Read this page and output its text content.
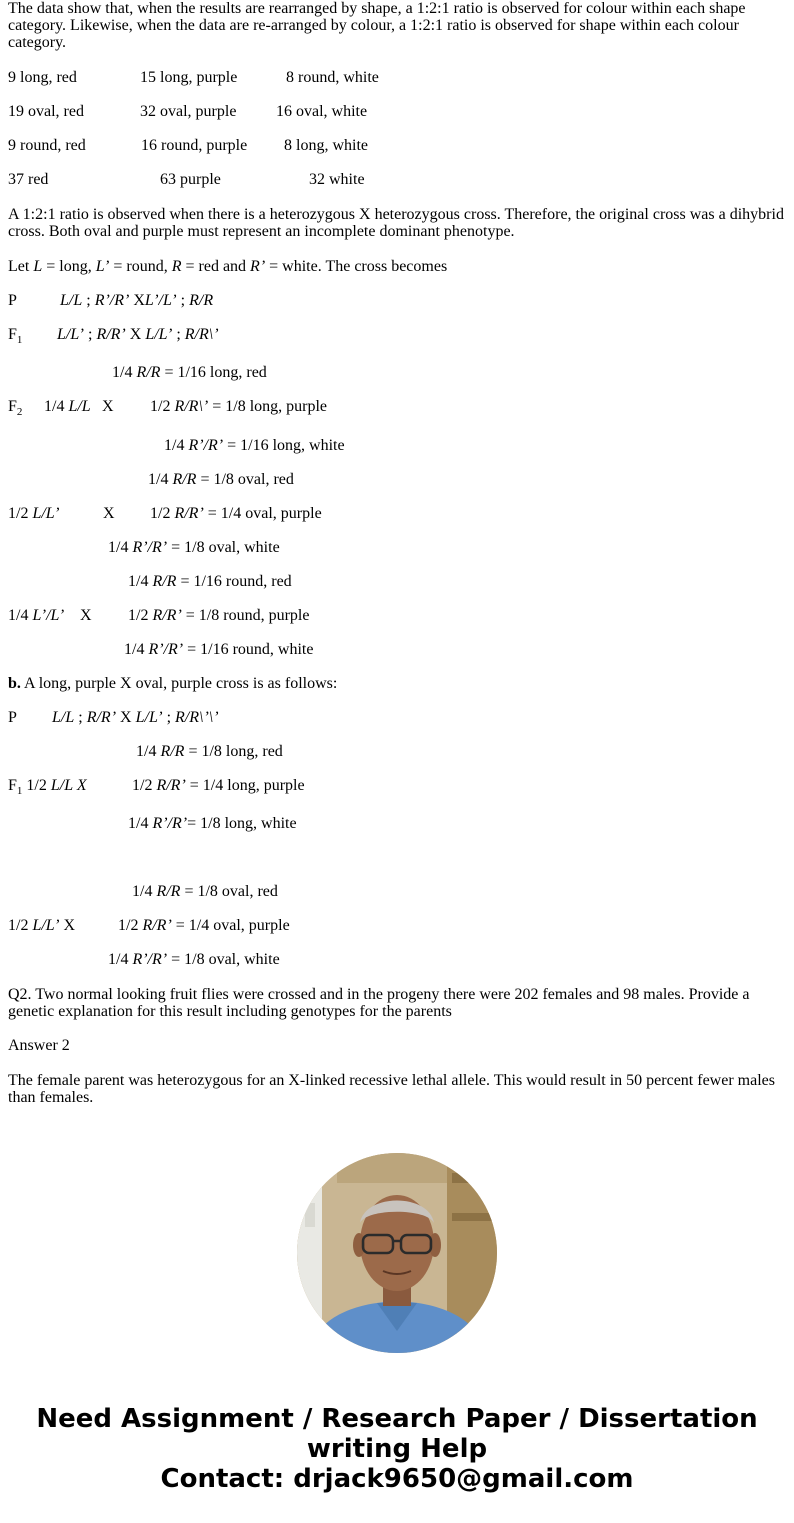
The data show that, when the results are rearranged by shape, a 1:2:1 ratio is observed for colour within each shape category. Likewise, when the data are re-arranged by colour, a 1:2:1 ratio is observed for shape within each colour category.
9 long, red	15 long, purple	8 round, white
19 oval, red	32 oval, purple 16 oval, white
9 round, red	16 round, purple 8 long, white
37 red	63 purple	32 white
A 1:2:1 ratio is observed when there is a heterozygous X heterozygous cross. Therefore, the original cross was a dihybrid cross. Both oval and purple must represent an incomplete dominant phenotype.
Let L = long, L’ = round, R = red and R’ = white. The cross becomes
P	L/L ; R’/R’ XL’/L’ ; R/R
$F_1$ L/L’ ; R/R’ X L/L’ ; R/R\’
1/4 R/R = 1/16 long, red
$F_2$ 1/4 L/L X 1/2 R/R\’ = 1/8 long, purple
1/4 R’/R’ = 1/16 long, white
1/4 R/R = 1/8 oval, red
1/2 L/L’	X 1/2 R/R’ = 1/4 oval, purple
1/4 R’/R’ = 1/8 oval, white
1/4 R/R = 1/16 round, red
1/4 L’/L’ X 1/2 R/R’ = 1/8 round, purple
1/4 R’/R’ = 1/16 round, white
b. A long, purple X oval, purple cross is as follows:
P L/L ; R/R’ X L/L’ ; R/R\’\’
1/4 R/R = 1/8 long, red
$F_1$ 1/2 L/L X	1/2 R/R’ = 1/4 long, purple
1/4 R’/R’= 1/8 long, white
1/4 R/R = 1/8 oval, red
1/2 L/L’ X	1/2 R/R’ = 1/4 oval, purple
1/4 R’/R’ = 1/8 oval, white
Q2. Two normal looking fruit flies were crossed and in the progeny there were 202 females and 98 males. Provide a genetic explanation for this result including genotypes for the parents
Answer 2
The female parent was heterozygous for an X-linked recessive lethal allele. This would result in 50 percent fewer males than females.
Need Assignment / Research Paper / Dissertation
writing Help
Contact: drjack9650@gmail.com
